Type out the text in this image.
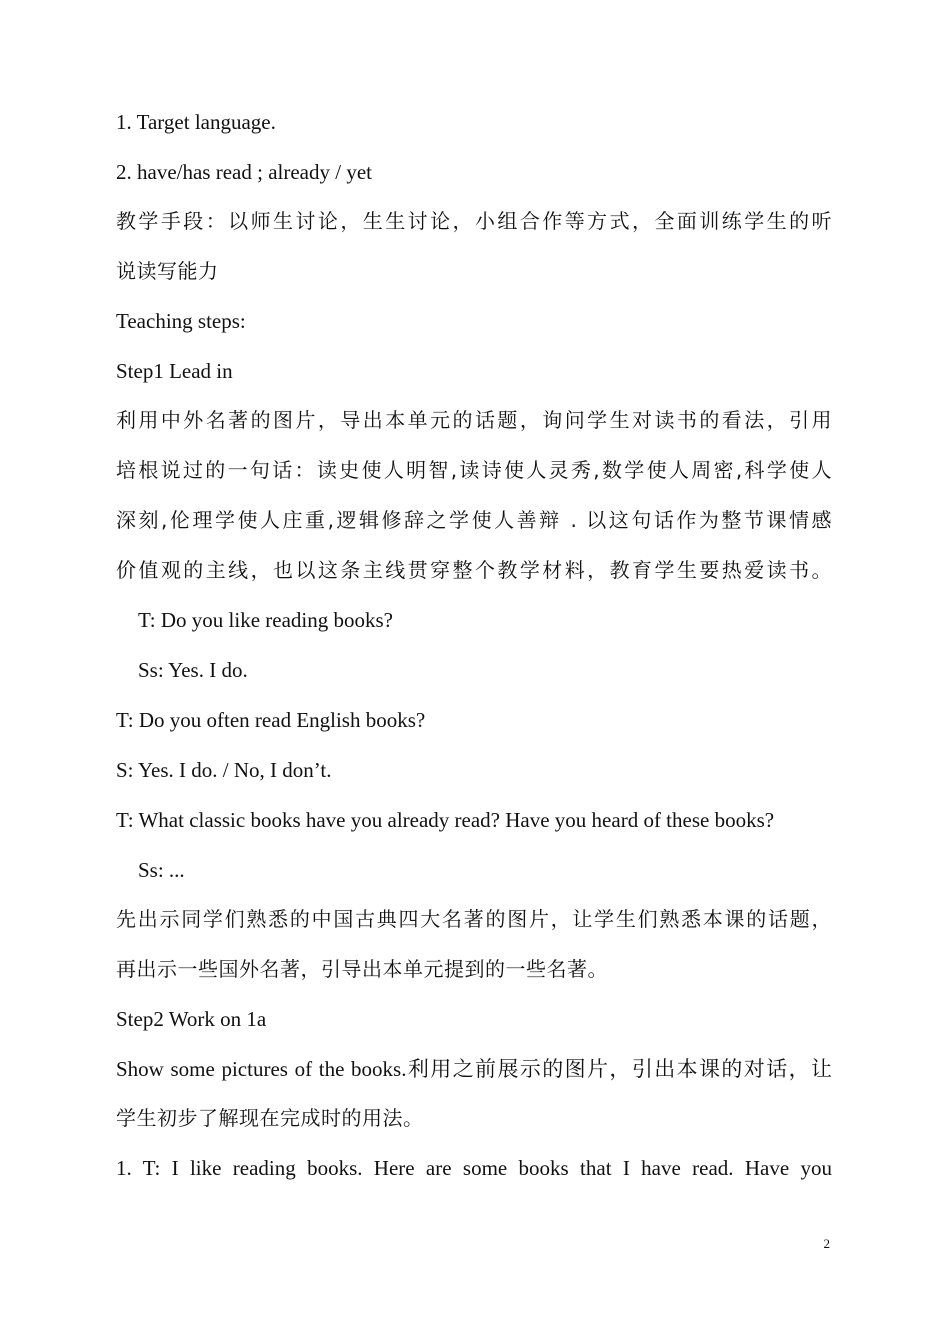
1. Target language.
2. have/has read ; already / yet
教学手段：以师生讨论，生生讨论，小组合作等方式，全面训练学生的听
说读写能力
Teaching steps:
Step1 Lead in
利用中外名著的图片，导出本单元的话题，询问学生对读书的看法，引用
培根说过的一句话：读史使人明智,读诗使人灵秀,数学使人周密,科学使人
深刻,伦理学使人庄重,逻辑修辞之学使人善辩 . 以这句话作为整节课情感
价值观的主线，也以这条主线贯穿整个教学材料，教育学生要热爱读书。
T: Do you like reading books?
Ss: Yes. I do.
T: Do you often read English books?
S: Yes. I do. / No, I don’t.
T: What classic books have you already read? Have you heard of these books?
Ss: ...
先出示同学们熟悉的中国古典四大名著的图片，让学生们熟悉本课的话题，
再出示一些国外名著，引导出本单元提到的一些名著。
Step2 Work on 1a
Show some pictures of the books.利用之前展示的图片，引出本课的对话，让
学生初步了解现在完成时的用法。
1. T: I like reading books. Here are some books that I have read. Have you
2
